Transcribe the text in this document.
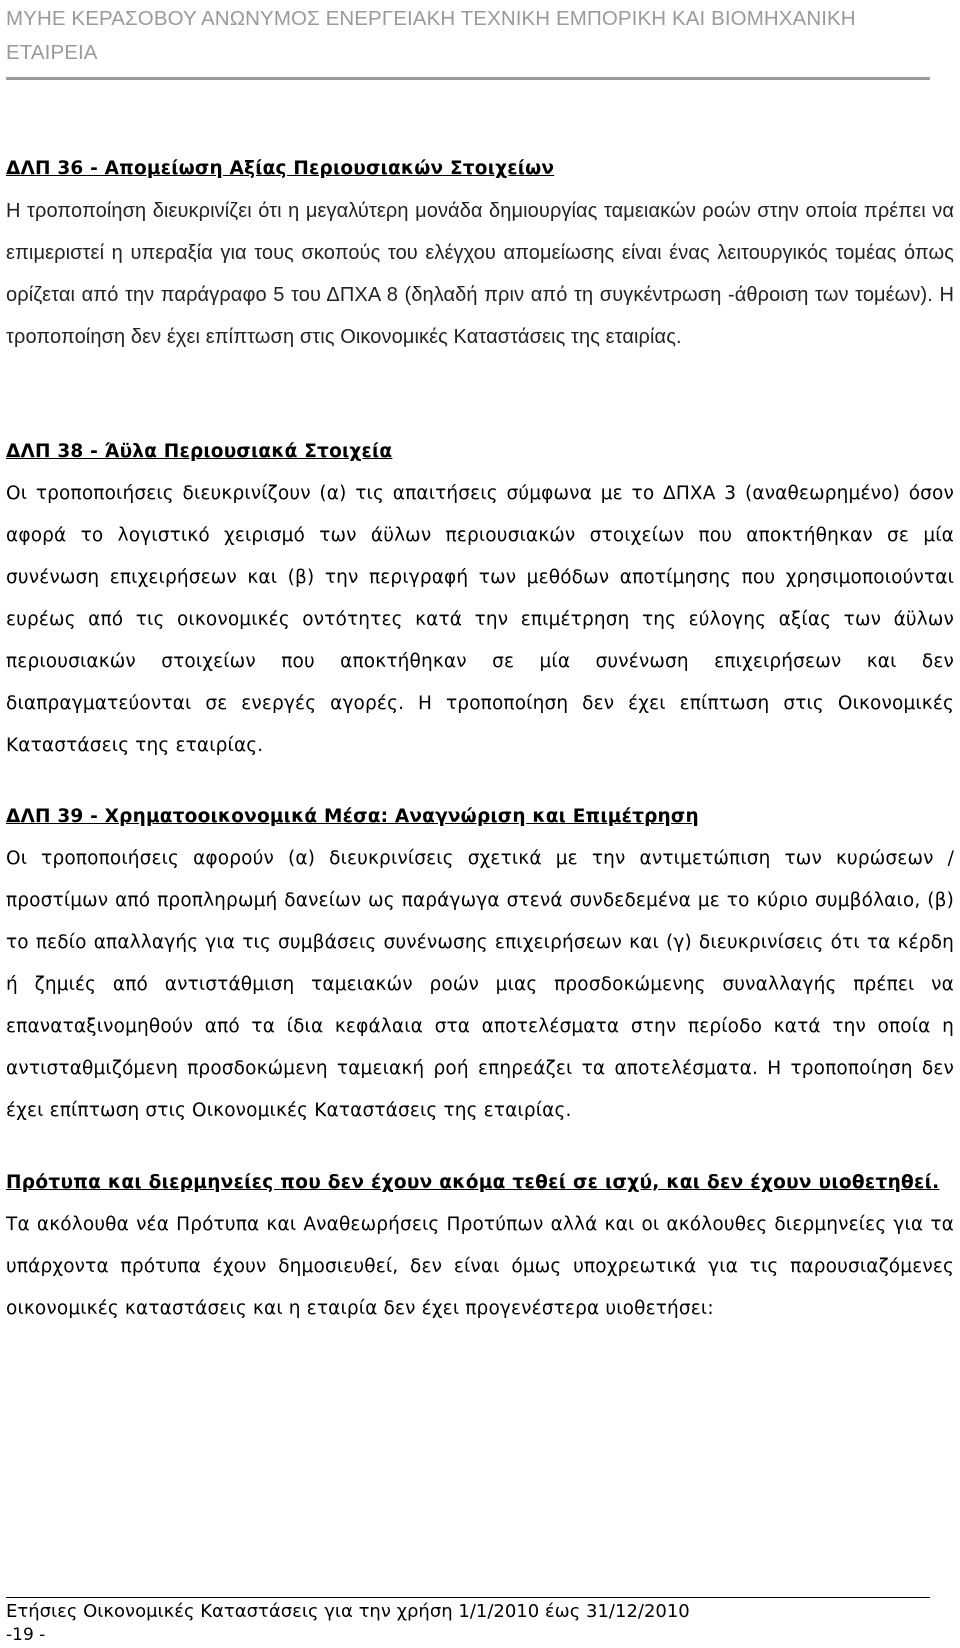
ΜΥΗΕ ΚΕΡΑΣΟΒΟΥ ΑΝΩΝΥΜΟΣ ΕΝΕΡΓΕΙΑΚΗ ΤΕΧΝΙΚΗ ΕΜΠΟΡΙΚΗ ΚΑΙ ΒΙΟΜΗΧΑΝΙΚΗ ΕΤΑΙΡΕΙΑ
ΔΛΠ 36 - Απομείωση Αξίας Περιουσιακών Στοιχείων
Η τροποποίηση διευκρινίζει ότι η μεγαλύτερη μονάδα δημιουργίας ταμειακών ροών στην οποία πρέπει να επιμεριστεί η υπεραξία για τους σκοπούς του ελέγχου απομείωσης είναι ένας λειτουργικός τομέας όπως ορίζεται από την παράγραφο 5 του ΔΠΧΑ 8 (δηλαδή πριν από τη συγκέντρωση -άθροιση των τομέων). Η τροποποίηση δεν έχει επίπτωση στις Οικονομικές Καταστάσεις της εταιρίας.
ΔΛΠ 38 - Άϋλα Περιουσιακά Στοιχεία
Οι τροποποιήσεις διευκρινίζουν (α) τις απαιτήσεις σύμφωνα με το ΔΠΧΑ 3 (αναθεωρημένο) όσον αφορά το λογιστικό χειρισμό των άϋλων περιουσιακών στοιχείων που αποκτήθηκαν σε μία συνένωση επιχειρήσεων και (β) την περιγραφή των μεθόδων αποτίμησης που χρησιμοποιούνται ευρέως από τις οικονομικές οντότητες κατά την επιμέτρηση της εύλογης αξίας των άϋλων περιουσιακών στοιχείων που αποκτήθηκαν σε μία συνένωση επιχειρήσεων και δεν διαπραγματεύονται σε ενεργές αγορές. Η τροποποίηση δεν έχει επίπτωση στις Οικονομικές Καταστάσεις της εταιρίας.
ΔΛΠ 39 - Χρηματοοικονομικά Μέσα: Αναγνώριση και Επιμέτρηση
Οι τροποποιήσεις αφορούν (α) διευκρινίσεις σχετικά με την αντιμετώπιση των κυρώσεων /προστίμων από προπληρωμή δανείων ως παράγωγα στενά συνδεδεμένα με το κύριο συμβόλαιο, (β) το πεδίο απαλλαγής για τις συμβάσεις συνένωσης επιχειρήσεων και (γ) διευκρινίσεις ότι τα κέρδη ή ζημιές από αντιστάθμιση ταμειακών ροών μιας προσδοκώμενης συναλλαγής πρέπει να επαναταξινομηθούν από τα ίδια κεφάλαια στα αποτελέσματα στην περίοδο κατά την οποία η αντισταθμιζόμενη προσδοκώμενη ταμειακή ροή επηρεάζει τα αποτελέσματα. Η τροποποίηση δεν έχει επίπτωση στις Οικονομικές Καταστάσεις της εταιρίας.
Πρότυπα και διερμηνείες που δεν έχουν ακόμα τεθεί σε ισχύ, και δεν έχουν υιοθετηθεί.
Τα ακόλουθα νέα Πρότυπα και Αναθεωρήσεις Προτύπων αλλά και οι ακόλουθες διερμηνείες για τα υπάρχοντα πρότυπα έχουν δημοσιευθεί, δεν είναι όμως υποχρεωτικά για τις παρουσιαζόμενες οικονομικές καταστάσεις και η εταιρία δεν έχει προγενέστερα υιοθετήσει:
Ετήσιες Οικονομικές Καταστάσεις για την χρήση 1/1/2010 έως 31/12/2010
-19 -
